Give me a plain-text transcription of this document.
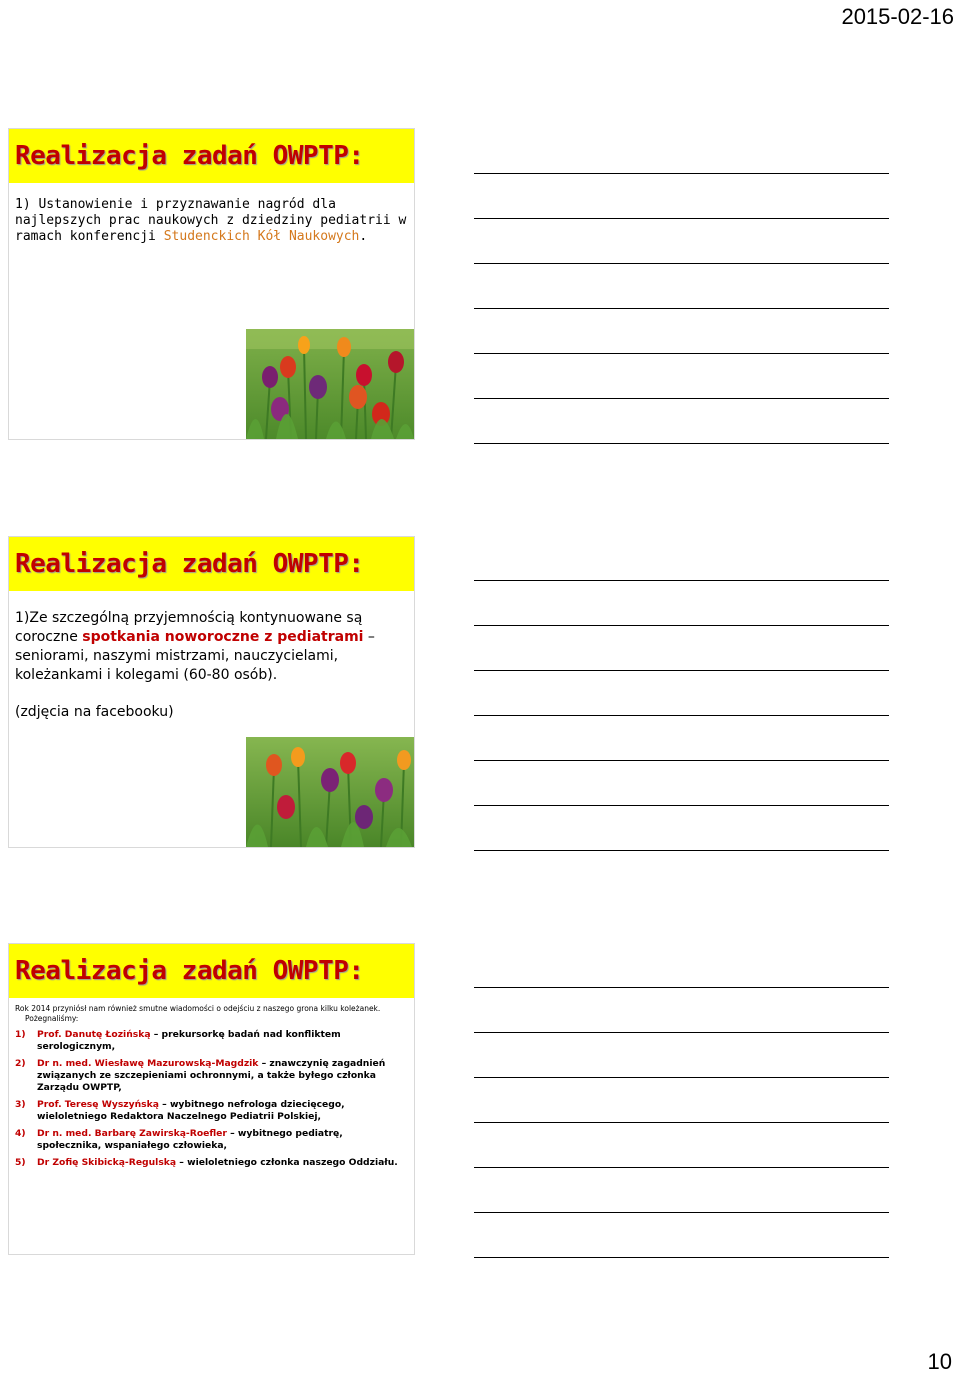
2015-02-16
Realizacja zadań OWPTP:
1) Ustanowienie i przyznawanie nagród dla najlepszych prac naukowych z dziedziny pediatrii w ramach konferencji Studenckich Kół Naukowych.
Realizacja zadań OWPTP:
1)Ze szczególną przyjemnością kontynuowane są coroczne spotkania noworoczne z pediatrami – seniorami, naszymi mistrzami, nauczycielami, koleżankami i kolegami (60-80 osób).
(zdjęcia na facebooku)
Realizacja zadań OWPTP:
Rok 2014 przyniósł nam również smutne wiadomości o odejściu z naszego grona kilku koleżanek.
Pożegnaliśmy:
1) Prof. Danutę Łozińską – prekursorkę badań nad konfliktem serologicznym,
2) Dr n. med. Wiesławę Mazurowską-Magdzik – znawczynię zagadnień związanych ze szczepieniami ochronnymi, a także byłego członka Zarządu OWPTP,
3) Prof. Teresę Wyszyńską – wybitnego nefrologa dziecięcego, wieloletniego Redaktora Naczelnego Pediatrii Polskiej,
4) Dr n. med. Barbarę Zawirską-Roefler – wybitnego pediatrę, społecznika, wspaniałego człowieka,
5) Dr Zofię Skibicką-Regulską – wieloletniego członka naszego Oddziału.
10
